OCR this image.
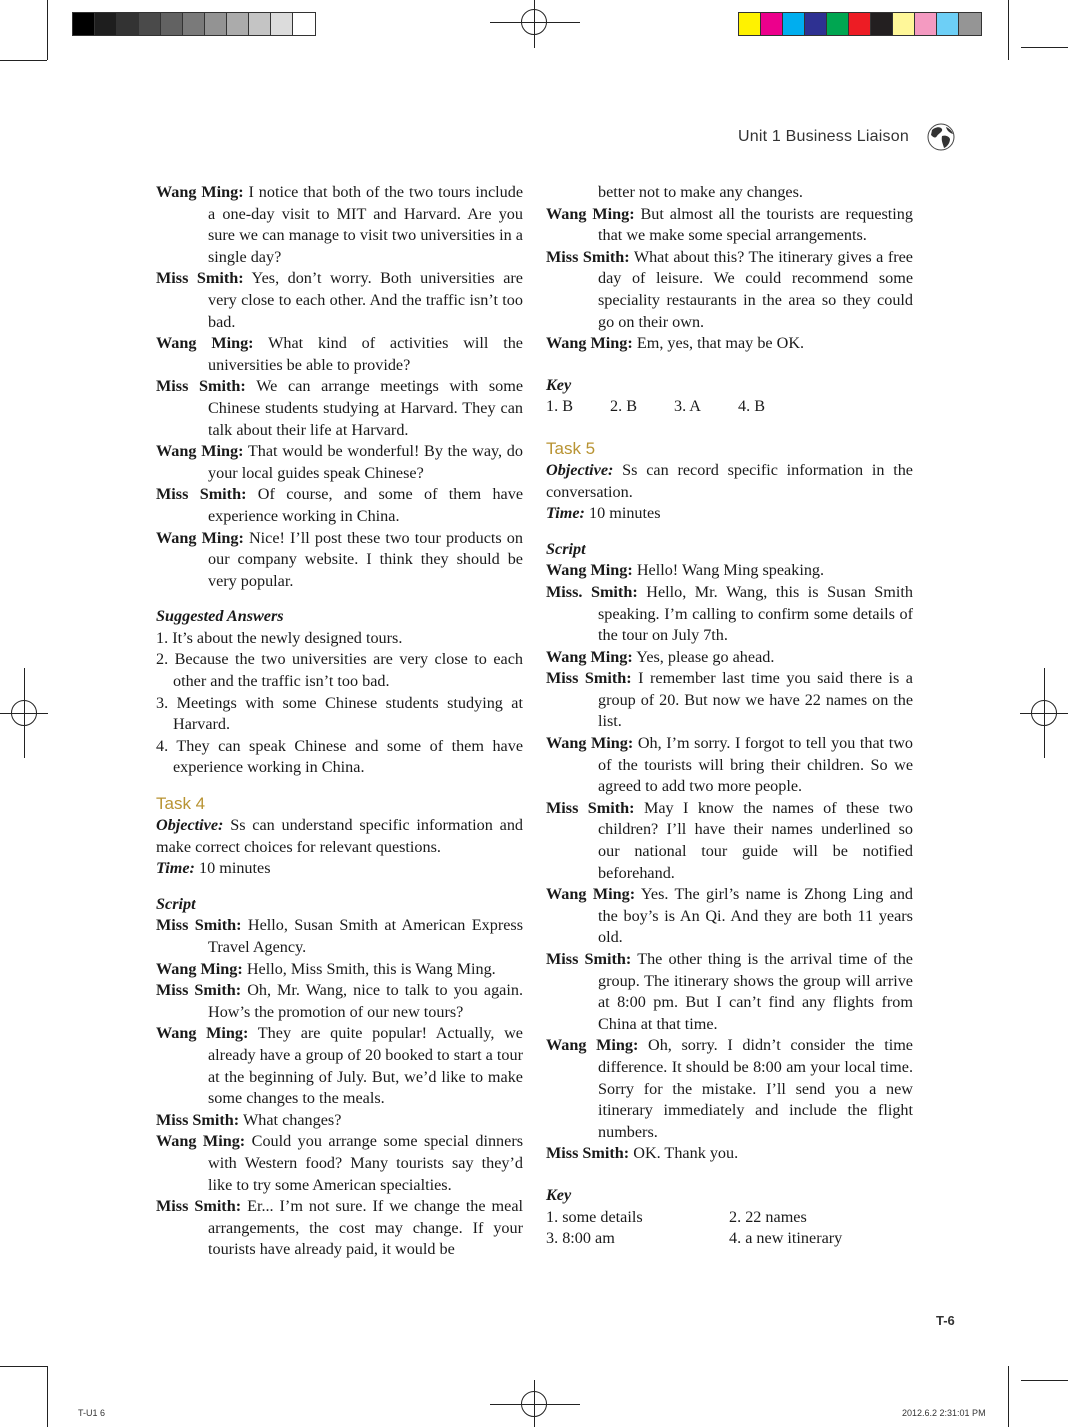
Unit 1 Business Liaison
Wang Ming: I notice that both of the two tours include a one-day visit to MIT and Harvard. Are you sure we can manage to visit two universities in a single day?
Miss Smith: Yes, don’t worry. Both universities are very close to each other. And the traffic isn’t too bad.
Wang Ming: What kind of activities will the universities be able to provide?
Miss Smith: We can arrange meetings with some Chinese students studying at Harvard. They can talk about their life at Harvard.
Wang Ming: That would be wonderful! By the way, do your local guides speak Chinese?
Miss Smith: Of course, and some of them have experience working in China.
Wang Ming: Nice! I’ll post these two tour products on our company website. I think they should be very popular.
Suggested Answers
1. It’s about the newly designed tours.
2. Because the two universities are very close to each other and the traffic isn’t too bad.
3. Meetings with some Chinese students studying at Harvard.
4. They can speak Chinese and some of them have experience working in China.
Task 4
Objective: Ss can understand specific information and make correct choices for relevant questions.
Time: 10 minutes
Script
Miss Smith: Hello, Susan Smith at American Express Travel Agency.
Wang Ming: Hello, Miss Smith, this is Wang Ming.
Miss Smith: Oh, Mr. Wang, nice to talk to you again. How’s the promotion of our new tours?
Wang Ming: They are quite popular! Actually, we already have a group of 20 booked to start a tour at the beginning of July. But, we’d like to make some changes to the meals.
Miss Smith: What changes?
Wang Ming: Could you arrange some special dinners with Western food? Many tourists say they’d like to try some American specialties.
Miss Smith: Er... I’m not sure. If we change the meal arrangements, the cost may change. If your tourists have already paid, it would be
better not to make any changes.
Wang Ming: But almost all the tourists are requesting that we make some special arrangements.
Miss Smith: What about this? The itinerary gives a free day of leisure. We could recommend some speciality restaurants in the area so they could go on their own.
Wang Ming: Em, yes, that may be OK.
Key
1. B	2. B	3. A	4. B
Task 5
Objective: Ss can record specific information in the conversation.
Time: 10 minutes
Script
Wang Ming: Hello! Wang Ming speaking.
Miss. Smith: Hello, Mr. Wang, this is Susan Smith speaking. I’m calling to confirm some details of the tour on July 7th.
Wang Ming: Yes, please go ahead.
Miss Smith: I remember last time you said there is a group of 20. But now we have 22 names on the list.
Wang Ming: Oh, I’m sorry. I forgot to tell you that two of the tourists will bring their children. So we agreed to add two more people.
Miss Smith: May I know the names of these two children? I’ll have their names underlined so our national tour guide will be notified beforehand.
Wang Ming: Yes. The girl’s name is Zhong Ling and the boy’s is An Qi. And they are both 11 years old.
Miss Smith: The other thing is the arrival time of the group. The itinerary shows the group will arrive at 8:00 pm. But I can’t find any flights from China at that time.
Wang Ming: Oh, sorry. I didn’t consider the time difference. It should be 8:00 am your local time. Sorry for the mistake. I’ll send you a new itinerary immediately and include the flight numbers.
Miss Smith: OK. Thank you.
Key
1. some details	2. 22 names
3. 8:00 am	4. a new itinerary
T-6
T-U1 6	2012.6.2 2:31:01 PM
